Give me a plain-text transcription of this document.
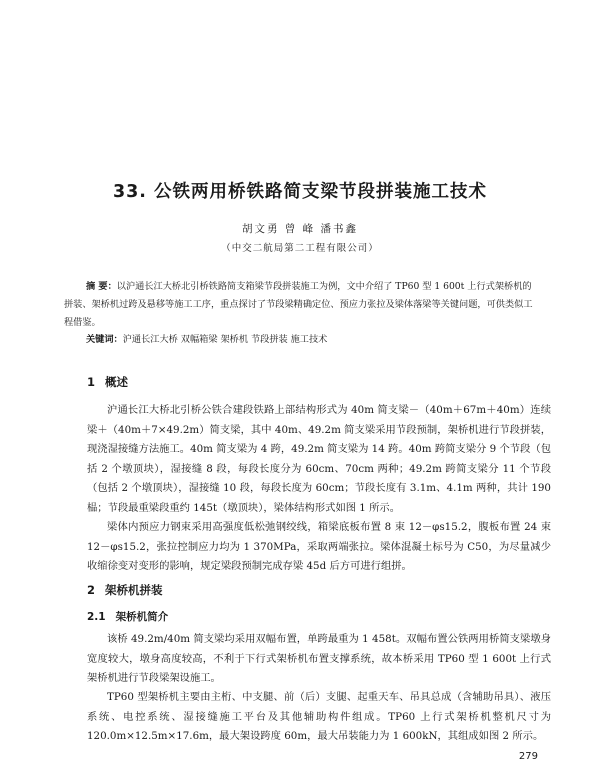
33. 公铁两用桥铁路简支梁节段拼装施工技术
胡文勇 曾 峰 潘书鑫
（中交二航局第二工程有限公司）

摘 要：以沪通长江大桥北引桥铁路简支箱梁节段拼装施工为例，文中介绍了 TP60 型 1 600t 上行式架桥机的拼装、架桥机过跨及悬移等施工工序，重点探讨了节段梁精确定位、预应力张拉及梁体落梁等关键问题，可供类似工程借鉴。

关键词：沪通长江大桥 双幅箱梁 架桥机 节段拼装 施工技术

1 概述

沪通长江大桥北引桥公铁合建段铁路上部结构形式为 40m 简支梁－（40m＋67m＋40m）连续梁＋（40m＋7×49.2m）简支梁，其中 40m、49.2m 简支梁采用节段预制，架桥机进行节段拼装，现浇湿接缝方法施工。40m 简支梁为 4 跨，49.2m 简支梁为 14 跨。40m 跨简支梁分 9 个节段（包括 2 个墩顶块），湿接缝 8 段，每段长度分为 60cm、70cm 两种；49.2m 跨简支梁分 11 个节段（包括 2 个墩顶块），湿接缝 10 段，每段长度为 60cm；节段长度有 3.1m、4.1m 两种，共计 190 榀；节段最重梁段重约 145t（墩顶块），梁体结构形式如图 1 所示。

梁体内预应力钢束采用高强度低松弛钢绞线，箱梁底板布置 8 束 12－φs15.2，腹板布置 24 束 12－φs15.2，张拉控制应力均为 1 370MPa，采取两端张拉。梁体混凝土标号为 C50，为尽量减少收缩徐变对变形的影响，规定梁段预制完成存梁 45d 后方可进行组拼。

2 架桥机拼装
2.1 架桥机简介

该桥 49.2m/40m 简支梁均采用双幅布置，单跨最重为 1 458t。双幅布置公铁两用桥简支梁墩身宽度较大，墩身高度较高，不利于下行式架桥机布置支撑系统，故本桥采用 TP60 型 1 600t 上行式架桥机进行节段梁架设施工。

TP60 型架桥机主要由主桁、中支腿、前（后）支腿、起重天车、吊具总成（含辅助吊具）、液压系统、电控系统、湿接缝施工平台及其他辅助构件组成。TP60 上行式架桥机整机尺寸为 120.0m×12.5m×17.6m，最大架设跨度 60m，最大吊装能力为 1 600kN，其组成如图 2 所示。

279
